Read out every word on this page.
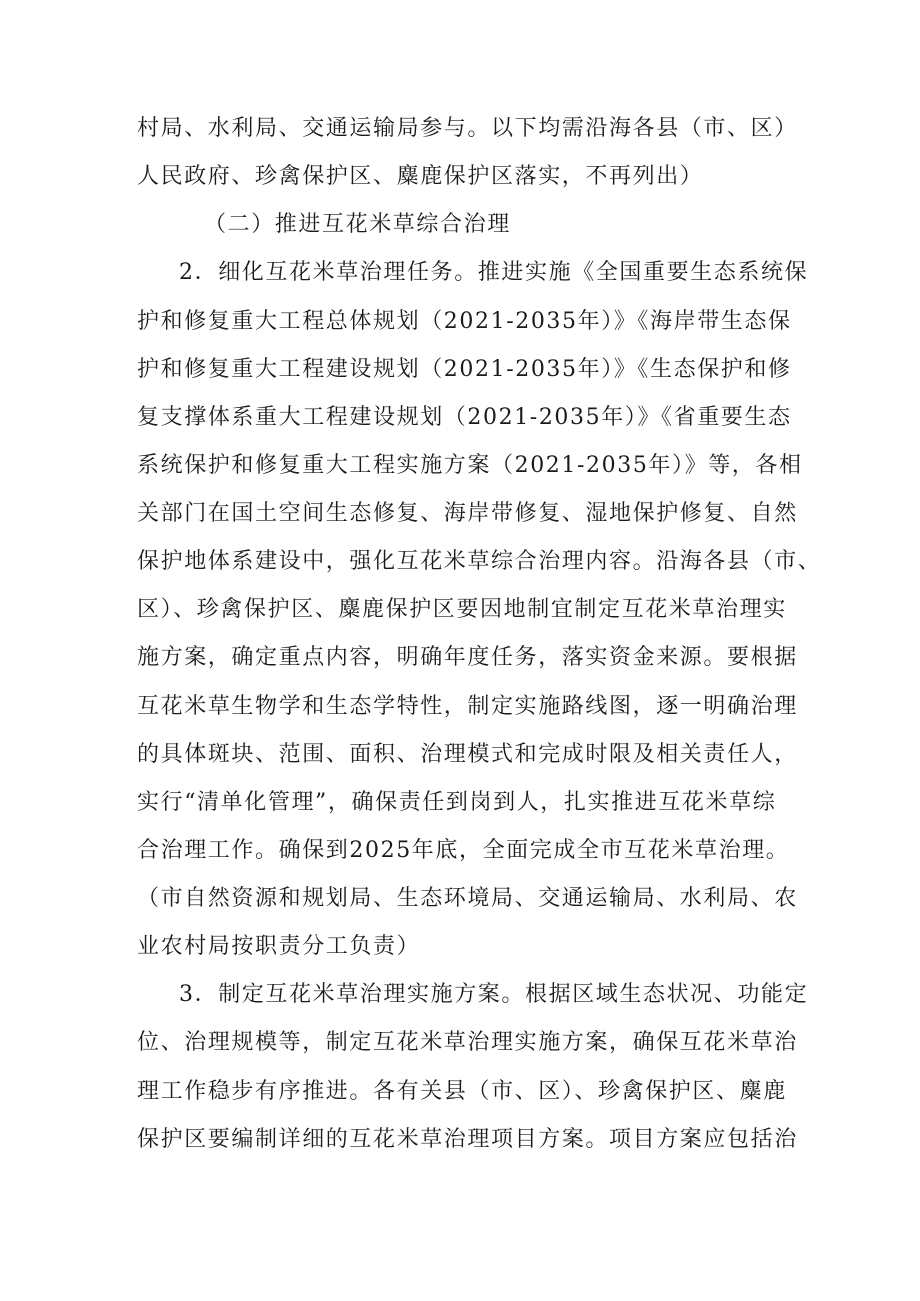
村局、水利局、交通运输局参与。以下均需沿海各县（市、区）

人民政府、珍禽保护区、麋鹿保护区落实，不再列出）

（二）推进互花米草综合治理

2．细化互花米草治理任务。推进实施《全国重要生态系统保

护和修复重大工程总体规划（2021-2035年）》《海岸带生态保

护和修复重大工程建设规划（2021-2035年）》《生态保护和修

复支撑体系重大工程建设规划（2021-2035年）》《省重要生态

系统保护和修复重大工程实施方案（2021-2035年）》等，各相

关部门在国土空间生态修复、海岸带修复、湿地保护修复、自然

保护地体系建设中，强化互花米草综合治理内容。沿海各县（市、

区）、珍禽保护区、麋鹿保护区要因地制宜制定互花米草治理实

施方案，确定重点内容，明确年度任务，落实资金来源。要根据

互花米草生物学和生态学特性，制定实施路线图，逐一明确治理

的具体斑块、范围、面积、治理模式和完成时限及相关责任人，

实行“清单化管理”，确保责任到岗到人，扎实推进互花米草综

合治理工作。确保到2025年底，全面完成全市互花米草治理。

（市自然资源和规划局、生态环境局、交通运输局、水利局、农

业农村局按职责分工负责）

3．制定互花米草治理实施方案。根据区域生态状况、功能定

位、治理规模等，制定互花米草治理实施方案，确保互花米草治

理工作稳步有序推进。各有关县（市、区）、珍禽保护区、麋鹿

保护区要编制详细的互花米草治理项目方案。项目方案应包括治
